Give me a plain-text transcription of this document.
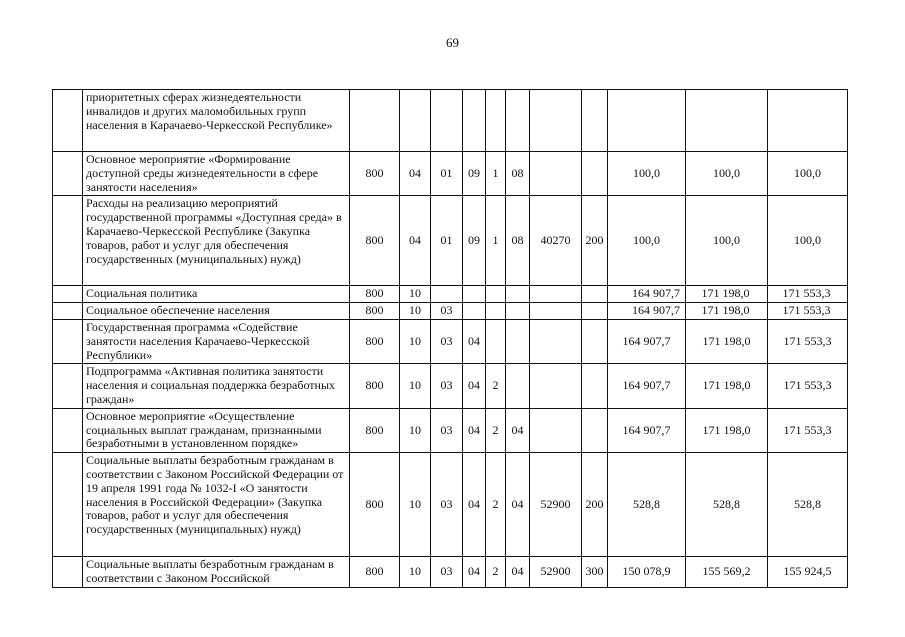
69
	приоритетных сферах жизнедеятельности инвалидов и других маломобильных групп населения в Карачаево-Черкесской Республике»											
	Основное мероприятие «Формирование доступной среды жизнедеятельности в сфере занятости населения»	800	04	01	09	1	08			100,0	100,0	100,0
	Расходы на реализацию мероприятий государственной программы «Доступная среда» в Карачаево-Черкесской Республике (Закупка товаров, работ и услуг для обеспечения государственных (муниципальных) нужд)	800	04	01	09	1	08	40270	200	100,0	100,0	100,0
	Социальная политика	800	10							164 907,7	171 198,0	171 553,3
	Социальное обеспечение населения	800	10	03						164 907,7	171 198,0	171 553,3
	Государственная программа «Содействие занятости населения Карачаево-Черкесской Республики»	800	10	03	04					164 907,7	171 198,0	171 553,3
	Подпрограмма «Активная политика занятости населения и социальная поддержка безработных граждан»	800	10	03	04	2				164 907,7	171 198,0	171 553,3
	Основное мероприятие «Осуществление социальных выплат гражданам, признанными безработными в установленном порядке»	800	10	03	04	2	04			164 907,7	171 198,0	171 553,3
	Социальные выплаты безработным гражданам в соответствии с Законом Российской Федерации от 19 апреля 1991 года № 1032-I «О занятости населения в Российской Федерации» (Закупка товаров, работ и услуг для обеспечения государственных (муниципальных) нужд)	800	10	03	04	2	04	52900	200	528,8	528,8	528,8
	Социальные выплаты безработным гражданам в соответствии с Законом Российской	800	10	03	04	2	04	52900	300	150 078,9	155 569,2	155 924,5
